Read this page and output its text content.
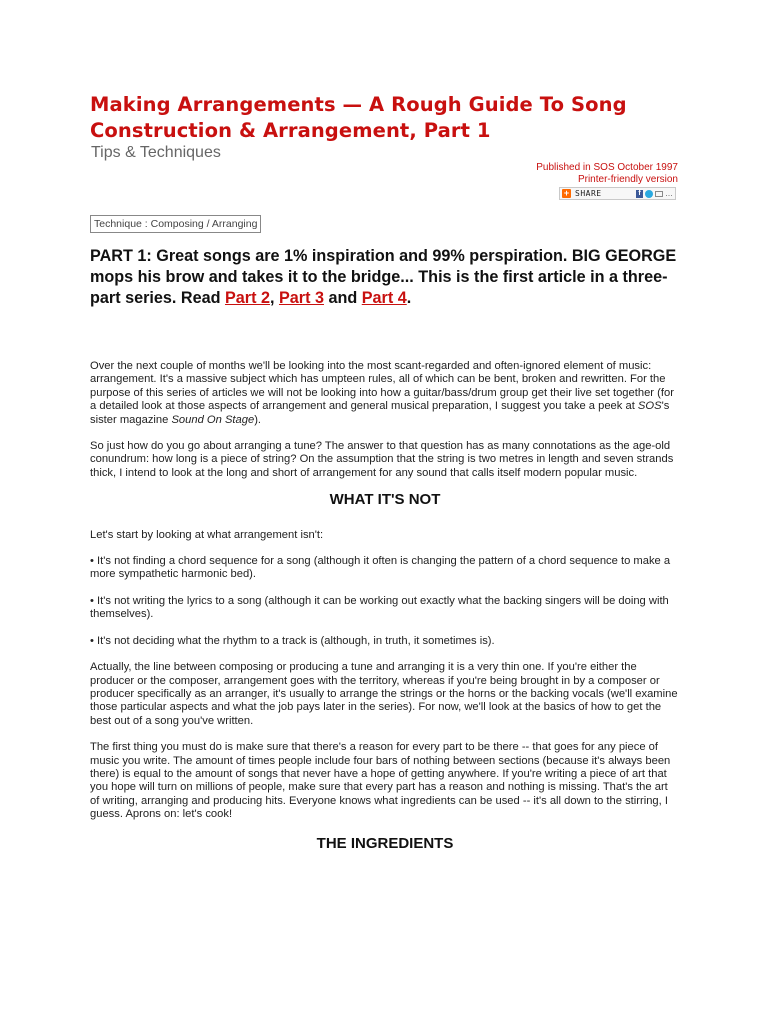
Making Arrangements — A Rough Guide To Song
Construction & Arrangement, Part 1
Tips & Techniques
Published in SOS October 1997
Printer-friendly version
+ SHARE	f	…
Technique : Composing / Arranging
PART 1: Great songs are 1% inspiration and 99% perspiration. BIG GEORGE mops his brow and takes it to the bridge... This is the first article in a three-part series. Read Part 2, Part 3 and Part 4.

Over the next couple of months we'll be looking into the most scant-regarded and often-ignored element of music: arrangement. It's a massive subject which has umpteen rules, all of which can be bent, broken and rewritten. For the purpose of this series of articles we will not be looking into how a guitar/bass/drum group get their live set together (for a detailed look at those aspects of arrangement and general musical preparation, I suggest you take a peek at SOS's sister magazine Sound On Stage).

So just how do you go about arranging a tune? The answer to that question has as many connotations as the age-old conundrum: how long is a piece of string? On the assumption that the string is two metres in length and seven strands thick, I intend to look at the long and short of arrangement for any sound that calls itself modern popular music.

WHAT IT'S NOT

Let's start by looking at what arrangement isn't:

• It's not finding a chord sequence for a song (although it often is changing the pattern of a chord sequence to make a more sympathetic harmonic bed).

• It's not writing the lyrics to a song (although it can be working out exactly what the backing singers will be doing with themselves).

• It's not deciding what the rhythm to a track is (although, in truth, it sometimes is).

Actually, the line between composing or producing a tune and arranging it is a very thin one. If you're either the producer or the composer, arrangement goes with the territory, whereas if you're being brought in by a composer or producer specifically as an arranger, it's usually to arrange the strings or the horns or the backing vocals (we'll examine those particular aspects and what the job pays later in the series). For now, we'll look at the basics of how to get the best out of a song you've written.

The first thing you must do is make sure that there's a reason for every part to be there -- that goes for any piece of music you write. The amount of times people include four bars of nothing between sections (because it's always been there) is equal to the amount of songs that never have a hope of getting anywhere. If you're writing a piece of art that you hope will turn on millions of people, make sure that every part has a reason and nothing is missing. That's the art of writing, arranging and producing hits. Everyone knows what ingredients can be used -- it's all down to the stirring, I guess. Aprons on: let's cook!

THE INGREDIENTS
